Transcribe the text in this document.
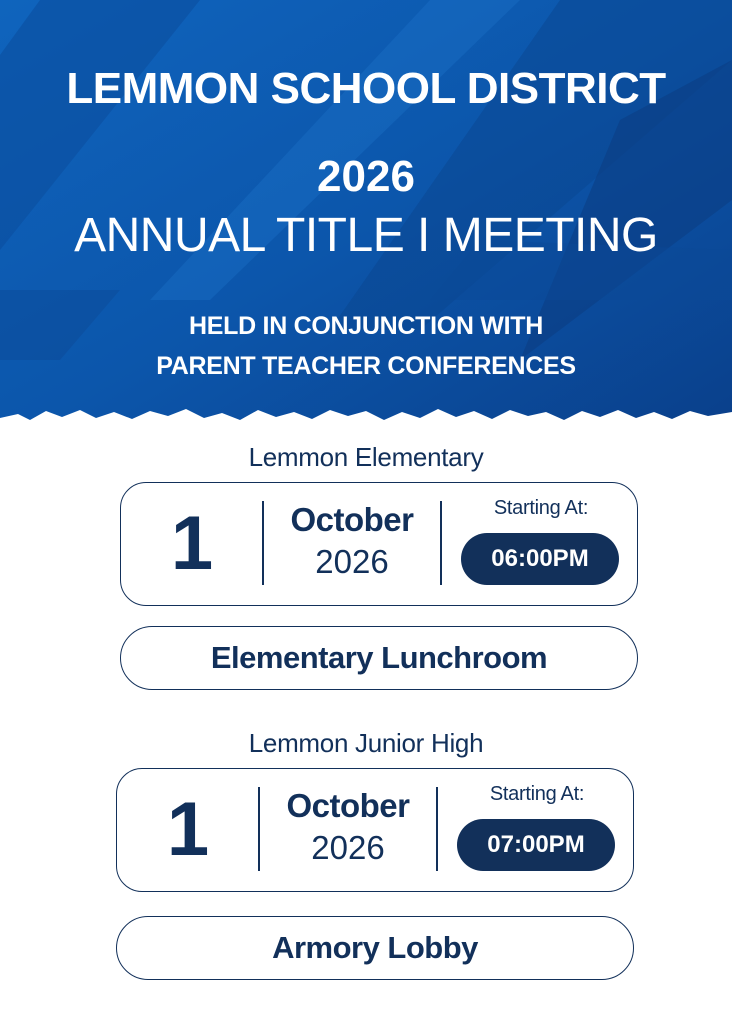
LEMMON SCHOOL DISTRICT
2026
ANNUAL TITLE I MEETING
HELD IN CONJUNCTION WITH
PARENT TEACHER CONFERENCES
Lemmon Elementary
1	October
2026
Starting At:
06:00PM
Elementary Lunchroom
Lemmon Junior High
1	October
2026
Starting At:
07:00PM
Armory Lobby
